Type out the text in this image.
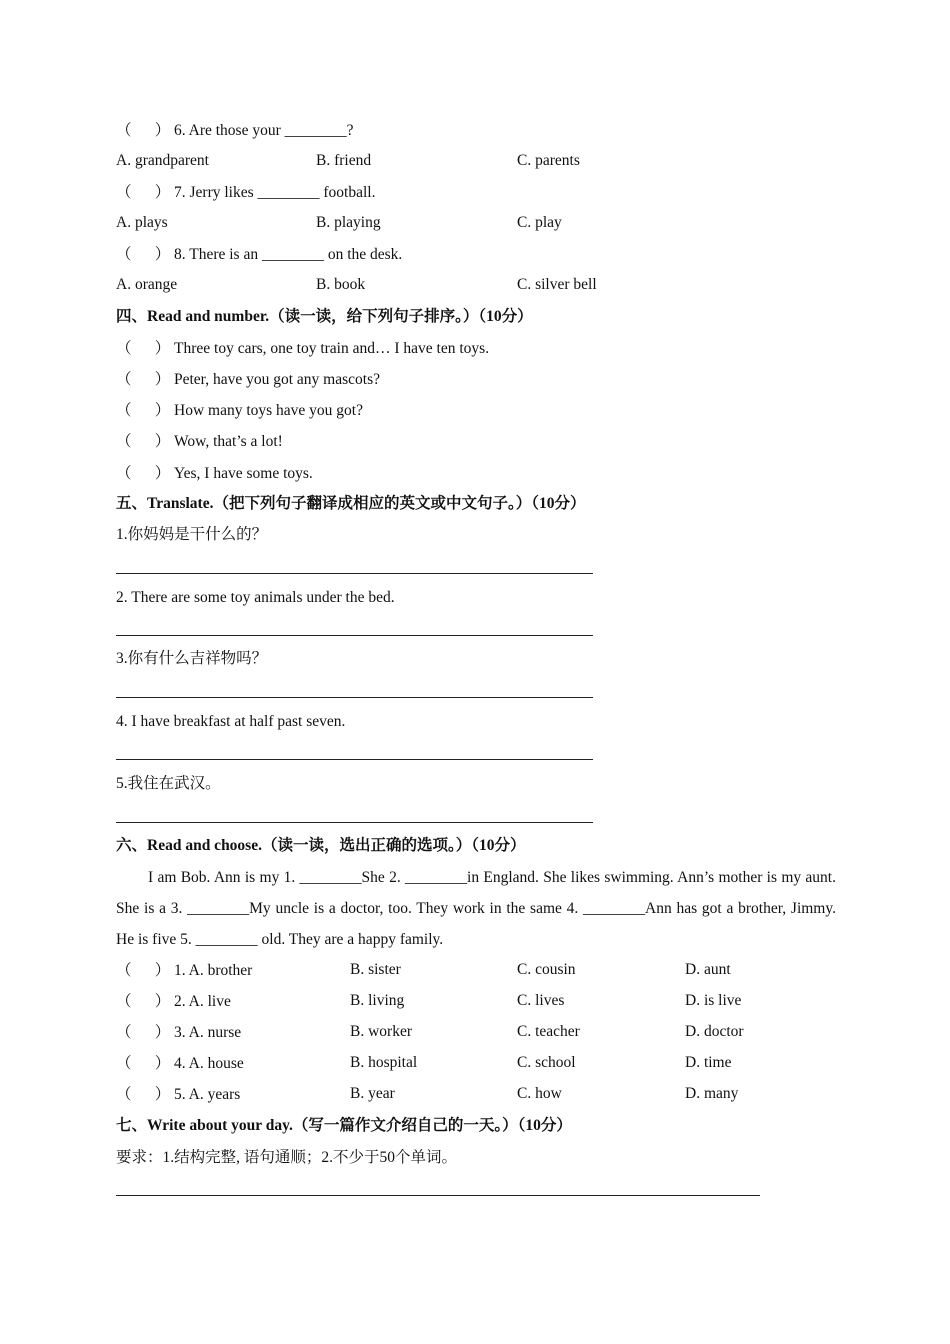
（      ） 6. Are those your ________?
A. grandparent	B. friend	C. parents
（      ） 7. Jerry likes ________ football.
A. plays	B. playing	C. play
（      ） 8. There is an ________ on the desk.
A. orange	B. book	C. silver bell
四、Read and number.（读一读，给下列句子排序。）（10分）
（      ） Three toy cars, one toy train and… I have ten toys.
（      ） Peter, have you got any mascots?
（      ） How many toys have you got?
（      ） Wow, that’s a lot!
（      ） Yes, I have some toys.
五、Translate.（把下列句子翻译成相应的英文或中文句子。）（10分）
1.你妈妈是干什么的？
2. There are some toy animals under the bed.
3.你有什么吉祥物吗？
4. I have breakfast at half past seven.
5.我住在武汉。
六、Read and choose.（读一读，选出正确的选项。）（10分）
I am Bob. Ann is my 1. ________She 2. ________in England. She likes swimming. Ann’s mother is my aunt. She is a 3. ________My uncle is a doctor, too. They work in the same 4. ________Ann has got a brother, Jimmy. He is five 5. ________ old. They are a happy family.
（      ） 1. A. brother	B. sister	C. cousin	D. aunt
（      ） 2. A. live	B. living	C. lives	D. is live
（      ） 3. A. nurse	B. worker	C. teacher	D. doctor
（      ） 4. A. house	B. hospital	C. school	D. time
（      ） 5. A. years	B. year	C. how	D. many
七、Write about your day.（写一篇作文介绍自己的一天。）（10分）
要求：1.结构完整, 语句通顺；2.不少于50个单词。
